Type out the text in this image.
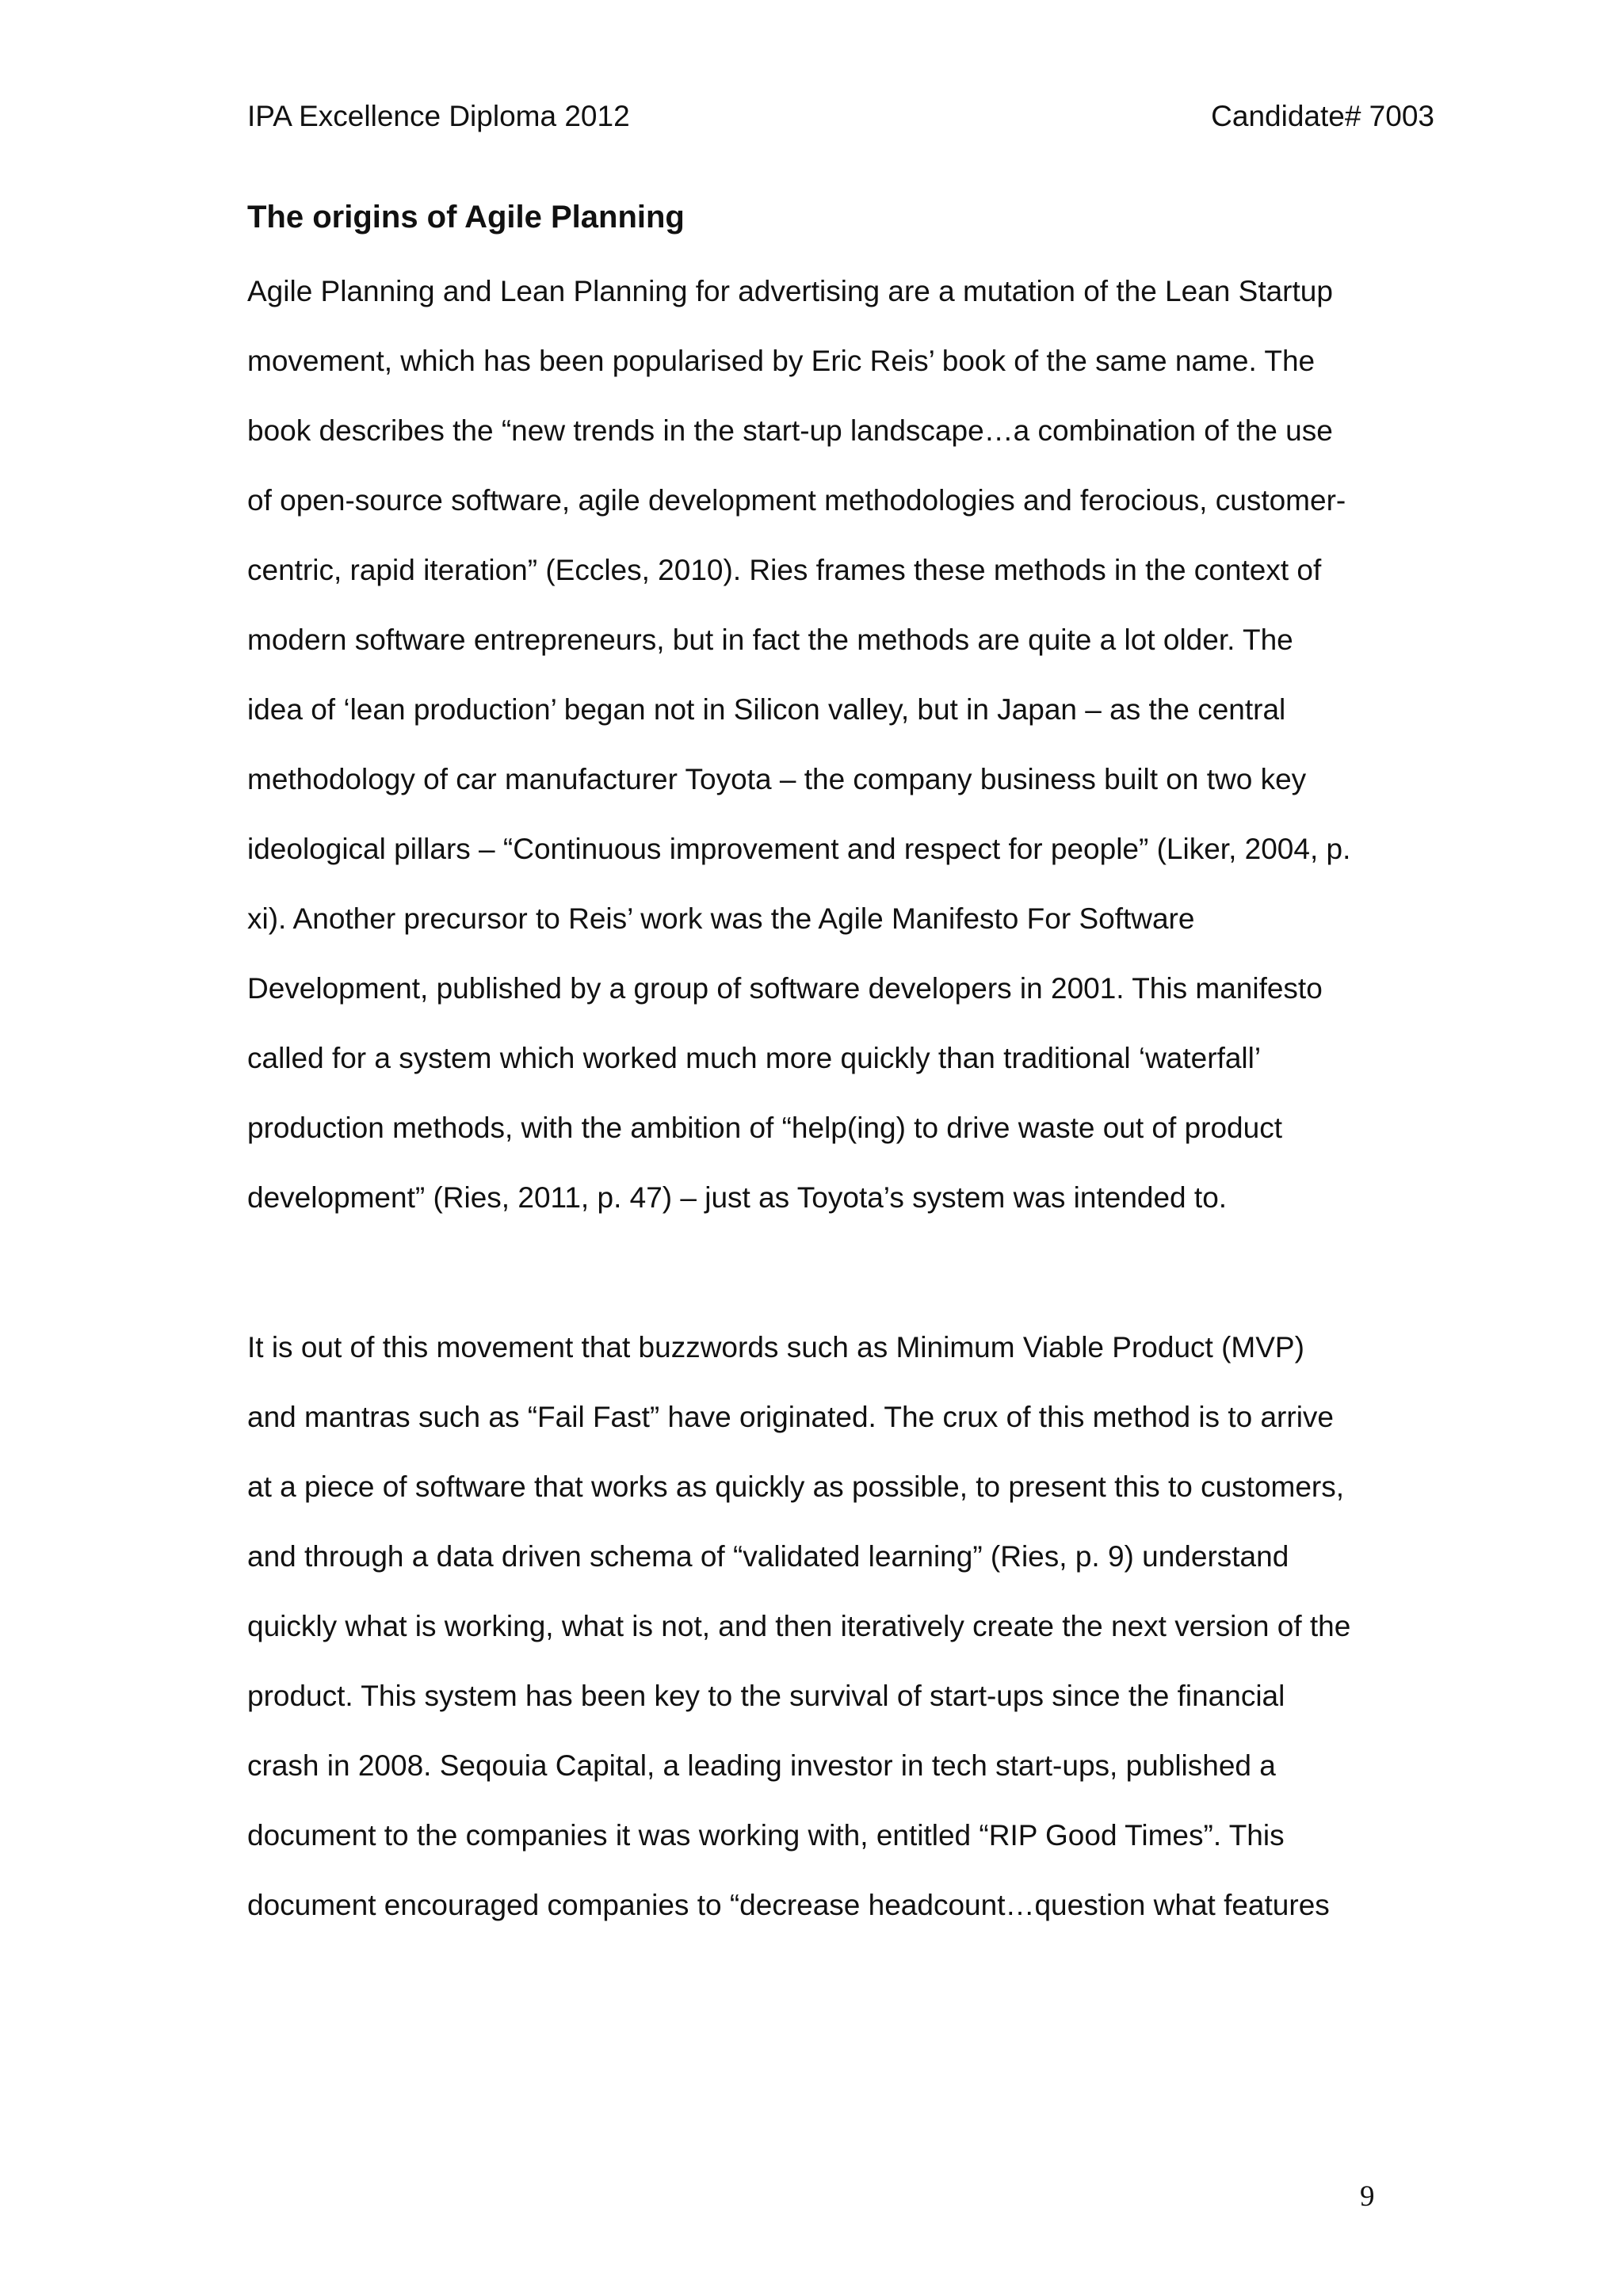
IPA Excellence Diploma 2012	Candidate# 7003
The origins of Agile Planning
Agile Planning and Lean Planning for advertising are a mutation of the Lean Startup
movement, which has been popularised by Eric Reis’ book of the same name. The
book describes the “new trends in the start-up landscape…a combination of the use
of open-source software, agile development methodologies and ferocious, customer-
centric, rapid iteration” (Eccles, 2010). Ries frames these methods in the context of
modern software entrepreneurs, but in fact the methods are quite a lot older. The
idea of ‘lean production’ began not in Silicon valley, but in Japan – as the central
methodology of car manufacturer Toyota – the company business built on two key
ideological pillars – “Continuous improvement and respect for people” (Liker, 2004, p.
xi). Another precursor to Reis’ work was the Agile Manifesto For Software
Development, published by a group of software developers in 2001. This manifesto
called for a system which worked much more quickly than traditional ‘waterfall’
production methods, with the ambition of “help(ing) to drive waste out of product
development” (Ries, 2011, p. 47) – just as Toyota’s system was intended to.
It is out of this movement that buzzwords such as Minimum Viable Product (MVP)
and mantras such as “Fail Fast” have originated. The crux of this method is to arrive
at a piece of software that works as quickly as possible, to present this to customers,
and through a data driven schema of “validated learning” (Ries, p. 9) understand
quickly what is working, what is not, and then iteratively create the next version of the
product. This system has been key to the survival of start-ups since the financial
crash in 2008. Seqouia Capital, a leading investor in tech start-ups, published a
document to the companies it was working with, entitled “RIP Good Times”. This
document encouraged companies to “decrease headcount…question what features
9
